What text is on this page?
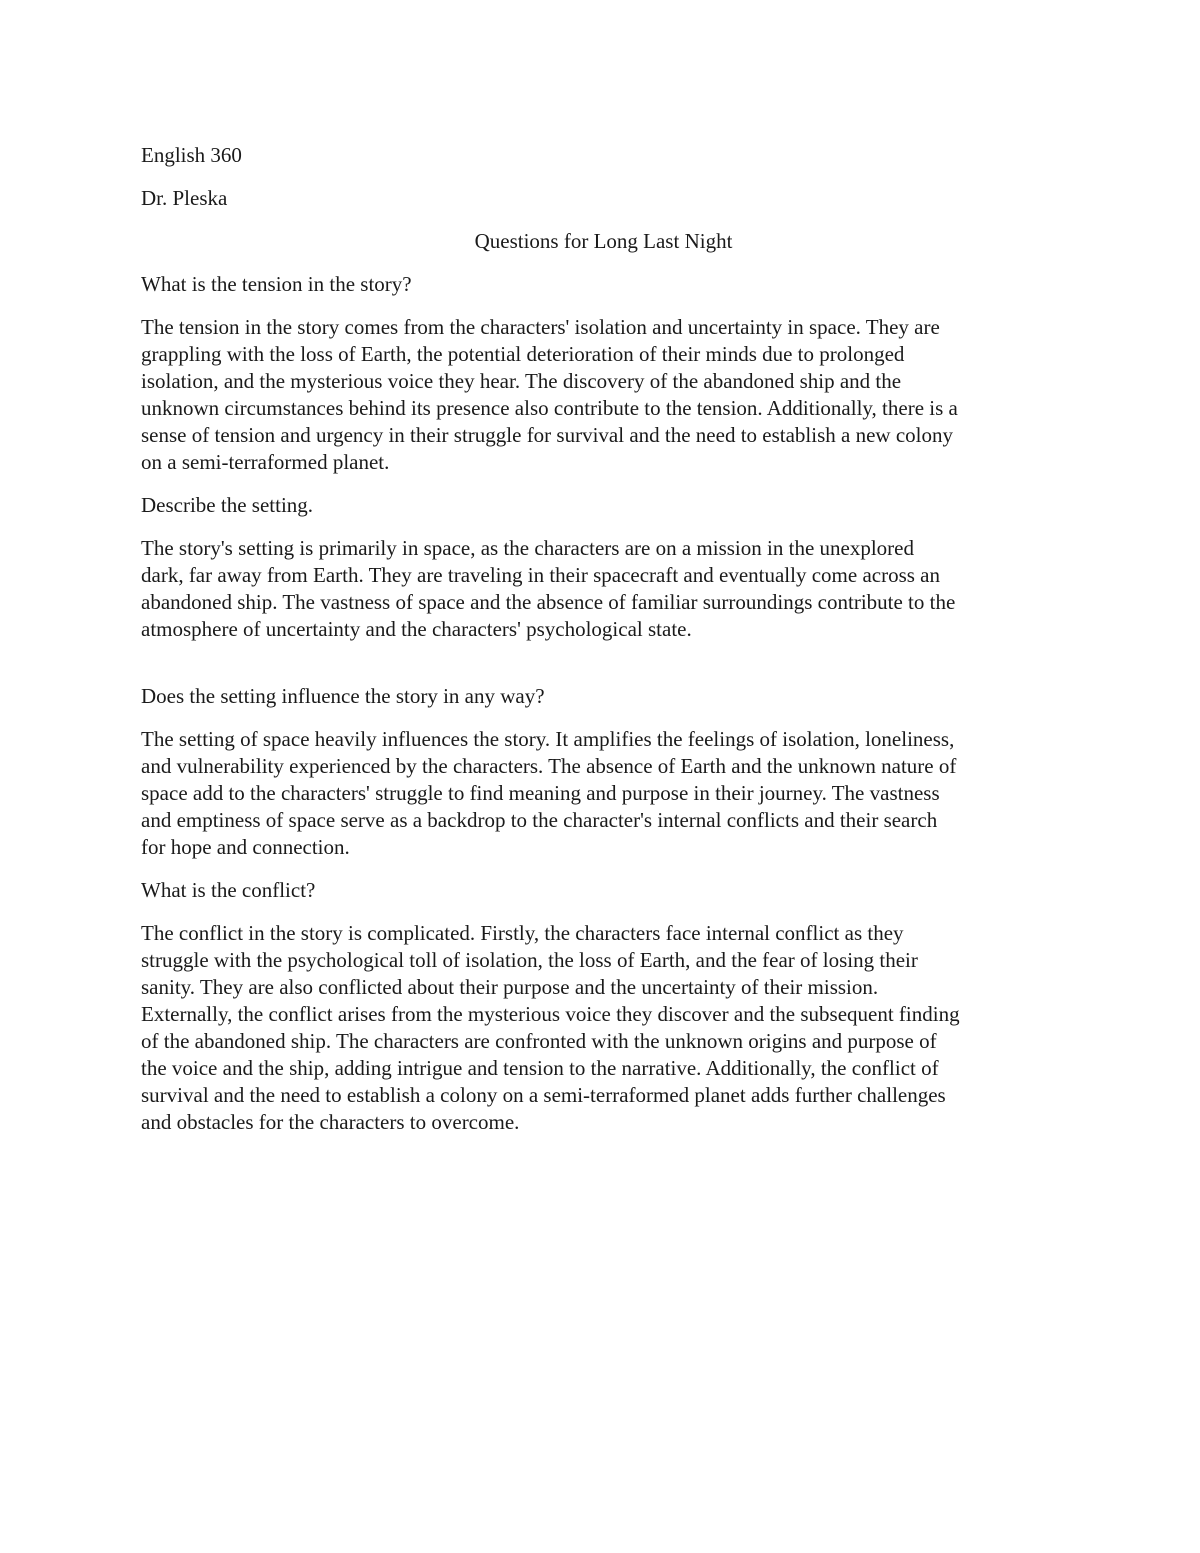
English 360
Dr. Pleska
Questions for Long Last Night
What is the tension in the story?
The tension in the story comes from the characters' isolation and uncertainty in space. They are
grappling with the loss of Earth, the potential deterioration of their minds due to prolonged
isolation, and the mysterious voice they hear. The discovery of the abandoned ship and the
unknown circumstances behind its presence also contribute to the tension. Additionally, there is a
sense of tension and urgency in their struggle for survival and the need to establish a new colony
on a semi-terraformed planet.
Describe the setting.
The story's setting is primarily in space, as the characters are on a mission in the unexplored
dark, far away from Earth. They are traveling in their spacecraft and eventually come across an
abandoned ship. The vastness of space and the absence of familiar surroundings contribute to the
atmosphere of uncertainty and the characters' psychological state.
Does the setting influence the story in any way?
The setting of space heavily influences the story. It amplifies the feelings of isolation, loneliness,
and vulnerability experienced by the characters. The absence of Earth and the unknown nature of
space add to the characters' struggle to find meaning and purpose in their journey. The vastness
and emptiness of space serve as a backdrop to the character's internal conflicts and their search
for hope and connection.
What is the conflict?
The conflict in the story is complicated. Firstly, the characters face internal conflict as they
struggle with the psychological toll of isolation, the loss of Earth, and the fear of losing their
sanity. They are also conflicted about their purpose and the uncertainty of their mission.
Externally, the conflict arises from the mysterious voice they discover and the subsequent finding
of the abandoned ship. The characters are confronted with the unknown origins and purpose of
the voice and the ship, adding intrigue and tension to the narrative. Additionally, the conflict of
survival and the need to establish a colony on a semi-terraformed planet adds further challenges
and obstacles for the characters to overcome.
